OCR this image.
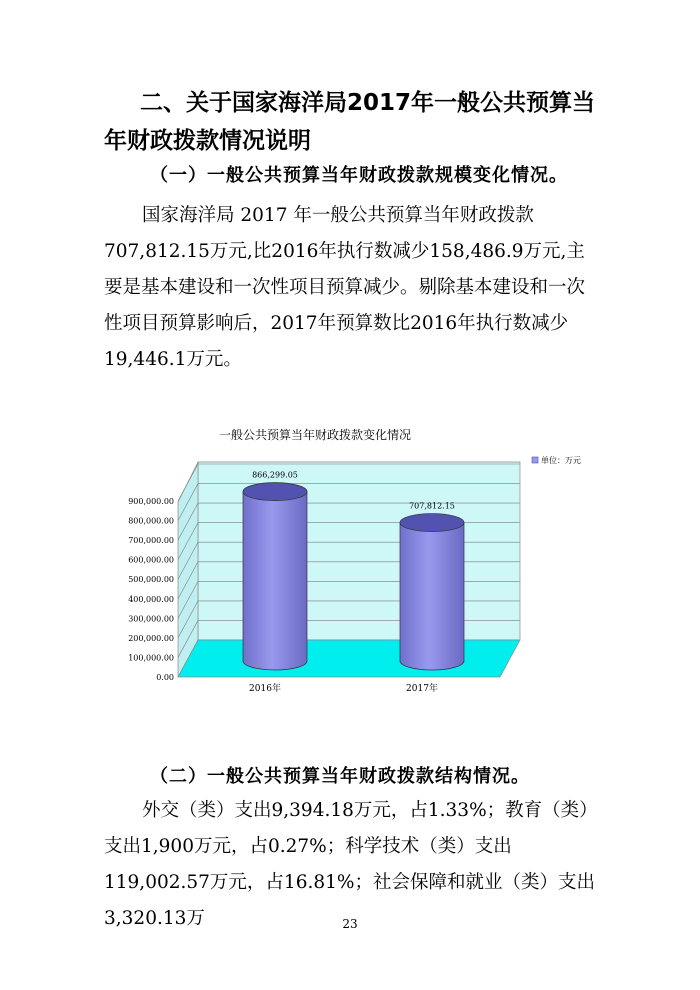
二、关于国家海洋局2017年一般公共预算当年财政拨款情况说明
（一）一般公共预算当年财政拨款规模变化情况。

国家海洋局 2017 年一般公共预算当年财政拨款707,812.15万元,比2016年执行数减少158,486.9万元,主要是基本建设和一次性项目预算减少。剔除基本建设和一次性项目预算影响后，2017年预算数比2016年执行数减少19,446.1万元。

一般公共预算当年财政拨款变化情况
0.00
100,000.00
200,000.00
300,000.00
400,000.00
500,000.00
600,000.00
700,000.00
800,000.00
900,000.00
866,299.05
707,812.15
2016年	2017年
单位：万元
（二）一般公共预算当年财政拨款结构情况。

外交（类）支出9,394.18万元，占1.33%；教育（类）支出1,900万元，占0.27%；科学技术（类）支出119,002.57万元，占16.81%；社会保障和就业（类）支出3,320.13万	23
